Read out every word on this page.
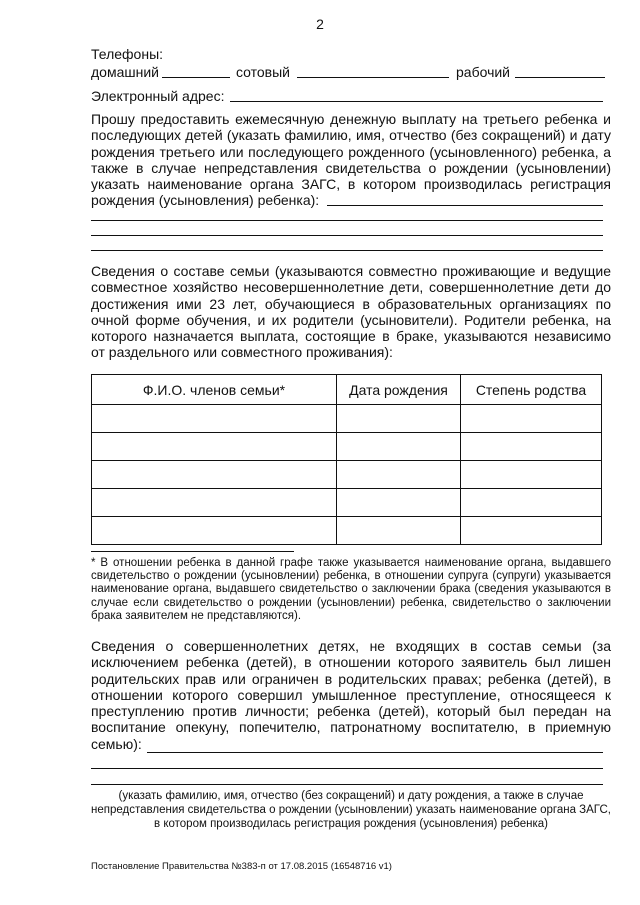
2
Телефоны:
домашний	сотовый	рабочий
Электронный адрес:
Прошу предоставить ежемесячную денежную выплату на третьего ребенка и последующих детей (указать фамилию, имя, отчество (без сокращений) и дату рождения третьего или последующего рожденного (усыновленного) ребенка, а также в случае непредставления свидетельства о рождении (усыновлении) указать наименование органа ЗАГС, в котором производилась регистрация рождения (усыновления) ребенка):
Сведения о составе семьи (указываются совместно проживающие и ведущие совместное хозяйство несовершеннолетние дети, совершеннолетние дети до достижения ими 23 лет, обучающиеся в образовательных организациях по очной форме обучения, и их родители (усыновители). Родители ребенка, на которого назначается выплата, состоящие в браке, указываются независимо от раздельного или совместного проживания):
Ф.И.О. членов семьи*	Дата рождения	Степень родства

* В отношении ребенка в данной графе также указывается наименование органа, выдавшего свидетельство о рождении (усыновлении) ребенка, в отношении супруга (супруги) указывается наименование органа, выдавшего свидетельство о заключении брака (сведения указываются в случае если свидетельство о рождении (усыновлении) ребенка, свидетельство о заключении брака заявителем не представляются).
Сведения о совершеннолетних детях, не входящих в состав семьи (за исключением ребенка (детей), в отношении которого заявитель был лишен родительских прав или ограничен в родительских правах; ребенка (детей), в отношении которого совершил умышленное преступление, относящееся к преступлению против личности; ребенка (детей), который был передан на воспитание опекуну, попечителю, патронатному воспитателю, в приемную семью):
(указать фамилию, имя, отчество (без сокращений) и дату рождения, а также в случае непредставления свидетельства о рождении (усыновлении) указать наименование органа ЗАГС, в котором производилась регистрация рождения (усыновления) ребенка)
Постановление Правительства №383-п от 17.08.2015 (16548716 v1)
